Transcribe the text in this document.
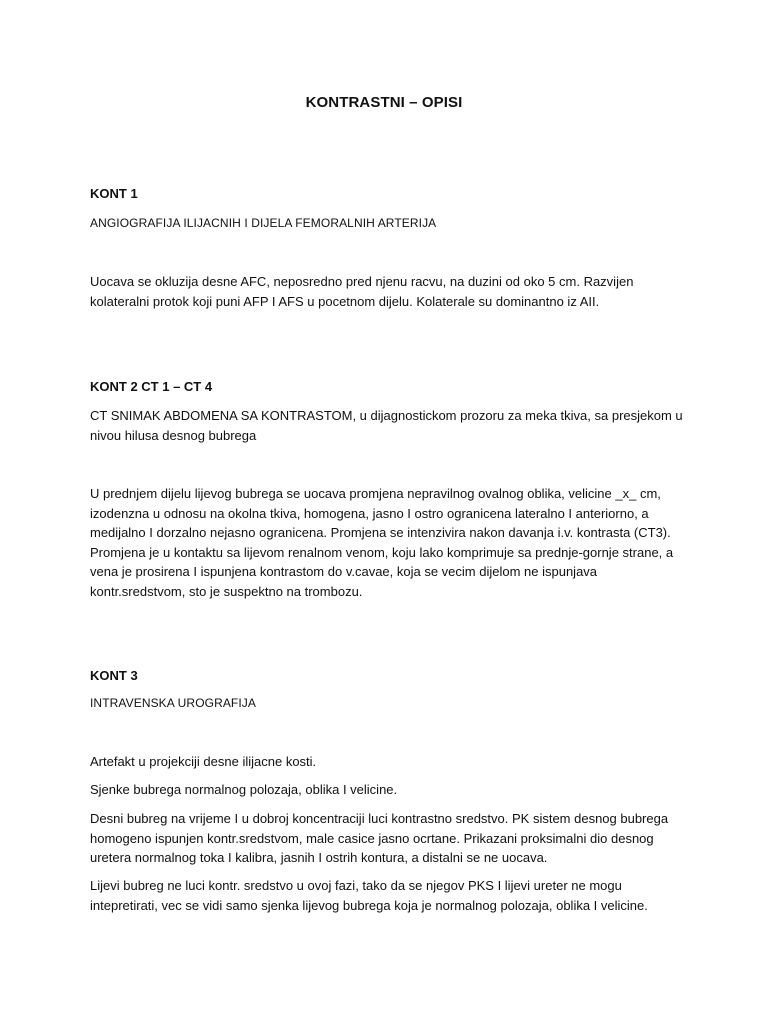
KONTRASTNI – OPISI
KONT 1
ANGIOGRAFIJA ILIJACNIH I DIJELA FEMORALNIH ARTERIJA

Uocava se okluzija desne AFC, neposredno pred njenu racvu, na duzini od oko 5 cm. Razvijen kolateralni protok koji puni AFP I AFS u pocetnom dijelu. Kolaterale su dominantno iz AII.

KONT 2 CT 1 – CT 4
CT SNIMAK ABDOMENA SA KONTRASTOM, u dijagnostickom prozoru za meka tkiva, sa presjekom u nivou hilusa desnog bubrega

U prednjem dijelu lijevog bubrega se uocava promjena nepravilnog ovalnog oblika, velicine _x_ cm, izodenzna u odnosu na okolna tkiva, homogena, jasno I ostro ogranicena lateralno I anteriorno, a medijalno I dorzalno nejasno ogranicena. Promjena se intenzivira nakon davanja i.v. kontrasta (CT3). Promjena je u kontaktu sa lijevom renalnom venom, koju lako komprimuje sa prednje-gornje strane, a vena je prosirena I ispunjena kontrastom do v.cavae, koja se vecim dijelom ne ispunjava kontr.sredstvom, sto je suspektno na trombozu.

KONT 3
INTRAVENSKA UROGRAFIJA
Artefakt u projekciji desne ilijacne kosti.
Sjenke bubrega normalnog polozaja, oblika I velicine.
Desni bubreg na vrijeme I u dobroj koncentraciji luci kontrastno sredstvo. PK sistem desnog bubrega homogeno ispunjen kontr.sredstvom, male casice jasno ocrtane. Prikazani proksimalni dio desnog uretera normalnog toka I kalibra, jasnih I ostrih kontura, a distalni se ne uocava.
Lijevi bubreg ne luci kontr. sredstvo u ovoj fazi, tako da se njegov PKS I lijevi ureter ne mogu intepretirati, vec se vidi samo sjenka lijevog bubrega koja je normalnog polozaja, oblika I velicine.
